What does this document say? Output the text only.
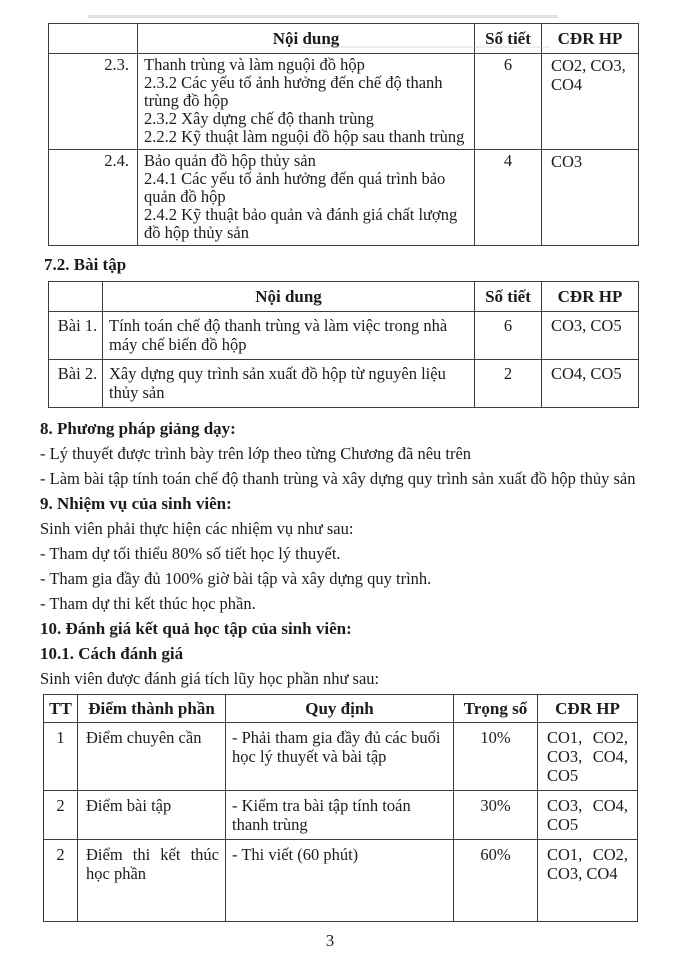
	Nội dung	Số tiết	CĐR HP
2.3.	Thanh trùng và làm nguội đồ hộp
2.3.2 Các yếu tố ảnh hưởng đến chế độ thanh trùng đồ hộp
2.3.2 Xây dựng chế độ thanh trùng
2.2.2 Kỹ thuật làm nguội đồ hộp sau thanh trùng	6	CO2, CO3, CO4
2.4.	Bảo quản đồ hộp thủy sản
2.4.1 Các yếu tố ảnh hưởng đến quá trình bảo quản đồ hộp
2.4.2 Kỹ thuật bảo quản và đánh giá chất lượng đồ hộp thủy sản	4	CO3
7.2. Bài tập
	Nội dung	Số tiết	CĐR HP
Bài 1.	Tính toán chế độ thanh trùng và làm việc trong nhà máy chế biến đồ hộp	6	CO3, CO5
Bài 2.	Xây dựng quy trình sản xuất đồ hộp từ nguyên liệu thủy sản	2	CO4, CO5
8. Phương pháp giảng dạy:
- Lý thuyết được trình bày trên lớp theo từng Chương đã nêu trên
- Làm bài tập tính toán chế độ thanh trùng và xây dựng quy trình sản xuất đồ hộp thủy sản
9. Nhiệm vụ của sinh viên:
Sinh viên phải thực hiện các nhiệm vụ như sau:
- Tham dự tối thiểu 80% số tiết học lý thuyết.
- Tham gia đầy đủ 100% giờ bài tập và xây dựng quy trình.
- Tham dự thi kết thúc học phần.
10. Đánh giá kết quả học tập của sinh viên:
10.1. Cách đánh giá
Sinh viên được đánh giá tích lũy học phần như sau:
TT	Điểm thành phần	Quy định	Trọng số	CĐR HP
1	Điểm chuyên cần	- Phải tham gia đầy đủ các buổi học lý thuyết và bài tập	10%	CO1, CO2, CO3, CO4, CO5
2	Điểm bài tập	- Kiểm tra bài tập tính toán thanh trùng	30%	CO3, CO4, CO5
2	Điểm thi kết thúc học phần	- Thi viết (60 phút)	60%	CO1, CO2, CO3, CO4
3
